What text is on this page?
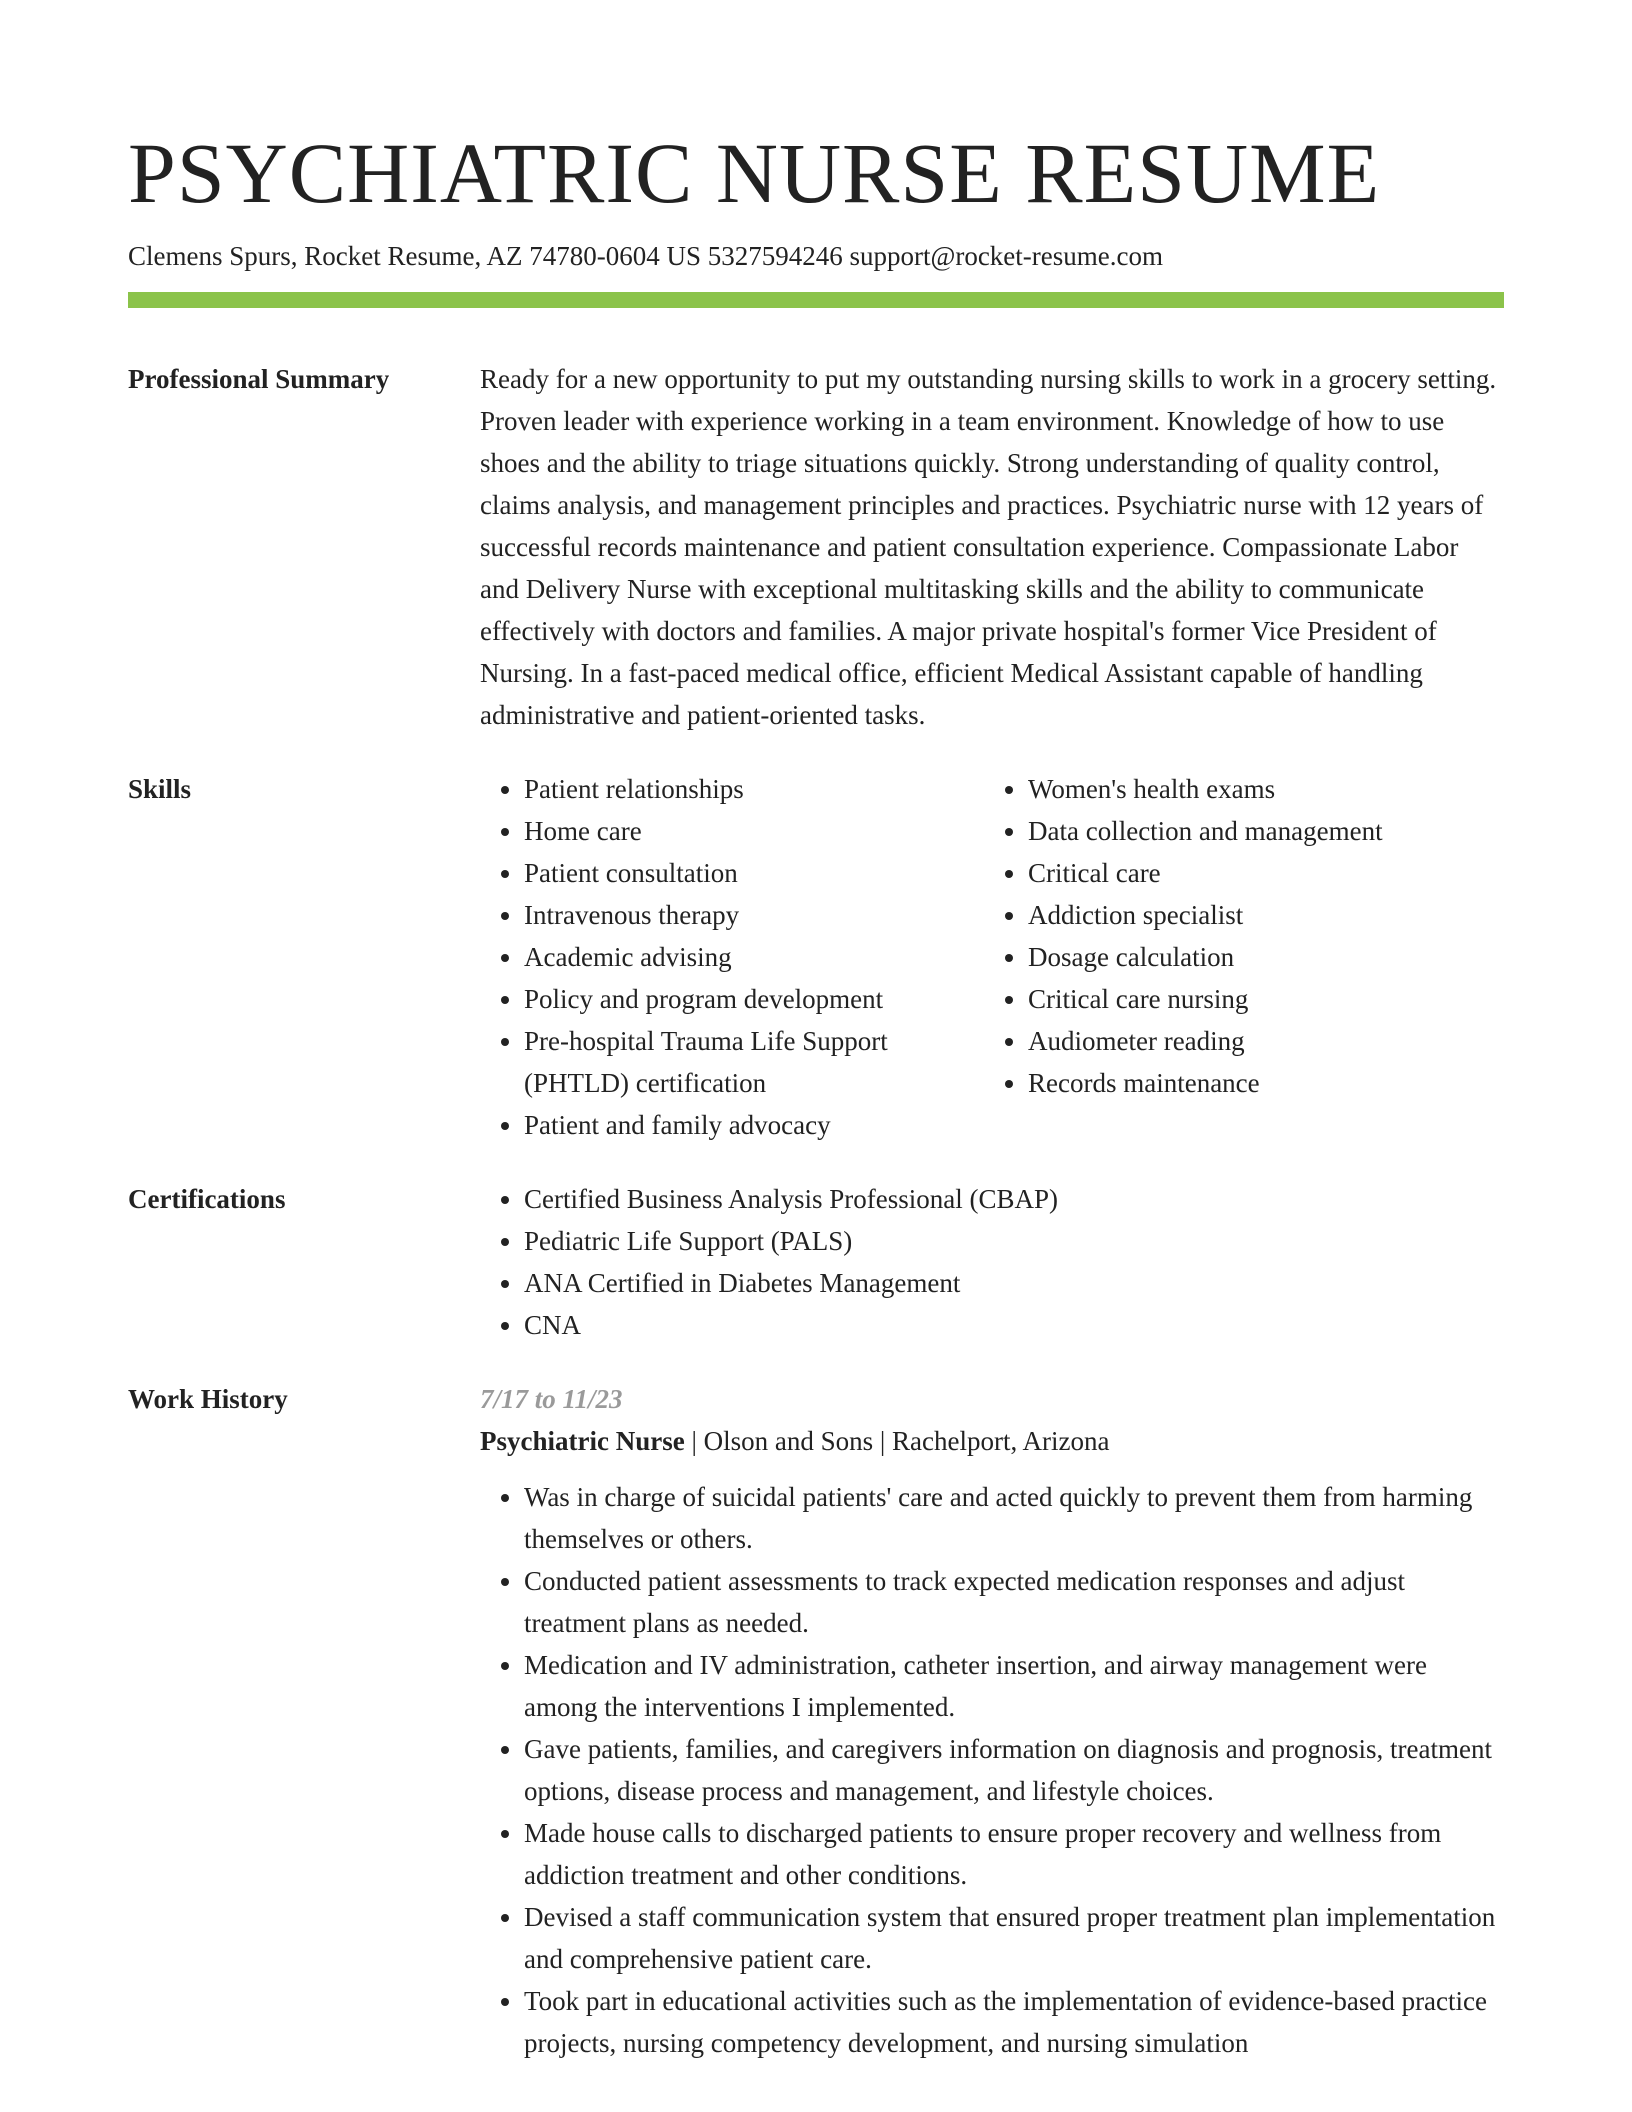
PSYCHIATRIC NURSE RESUME
Clemens Spurs, Rocket Resume, AZ 74780-0604 US 5327594246 support@rocket-resume.com
Professional Summary	Ready for a new opportunity to put my outstanding nursing skills to work in a grocery setting. Proven leader with experience working in a team environment. Knowledge of how to use shoes and the ability to triage situations quickly. Strong understanding of quality control, claims analysis, and management principles and practices. Psychiatric nurse with 12 years of successful records maintenance and patient consultation experience. Compassionate Labor and Delivery Nurse with exceptional multitasking skills and the ability to communicate effectively with doctors and families. A major private hospital's former Vice President of Nursing. In a fast-paced medical office, efficient Medical Assistant capable of handling administrative and patient-oriented tasks.

Skills	• Patient relationships
• Home care
• Patient consultation
• Intravenous therapy
• Academic advising
• Policy and program development
• Pre-hospital Trauma Life Support (PHTLD) certification
• Patient and family advocacy
• Women's health exams
• Data collection and management
• Critical care
• Addiction specialist
• Dosage calculation
• Critical care nursing
• Audiometer reading
• Records maintenance
Certifications	• Certified Business Analysis Professional (CBAP)
• Pediatric Life Support (PALS)
• ANA Certified in Diabetes Management
• CNA
Work History	7/17 to 11/23
Psychiatric Nurse | Olson and Sons | Rachelport, Arizona
• Was in charge of suicidal patients' care and acted quickly to prevent them from harming themselves or others.
• Conducted patient assessments to track expected medication responses and adjust treatment plans as needed.
• Medication and IV administration, catheter insertion, and airway management were among the interventions I implemented.
• Gave patients, families, and caregivers information on diagnosis and prognosis, treatment options, disease process and management, and lifestyle choices.
• Made house calls to discharged patients to ensure proper recovery and wellness from addiction treatment and other conditions.
• Devised a staff communication system that ensured proper treatment plan implementation and comprehensive patient care.
• Took part in educational activities such as the implementation of evidence-based practice projects, nursing competency development, and nursing simulation
